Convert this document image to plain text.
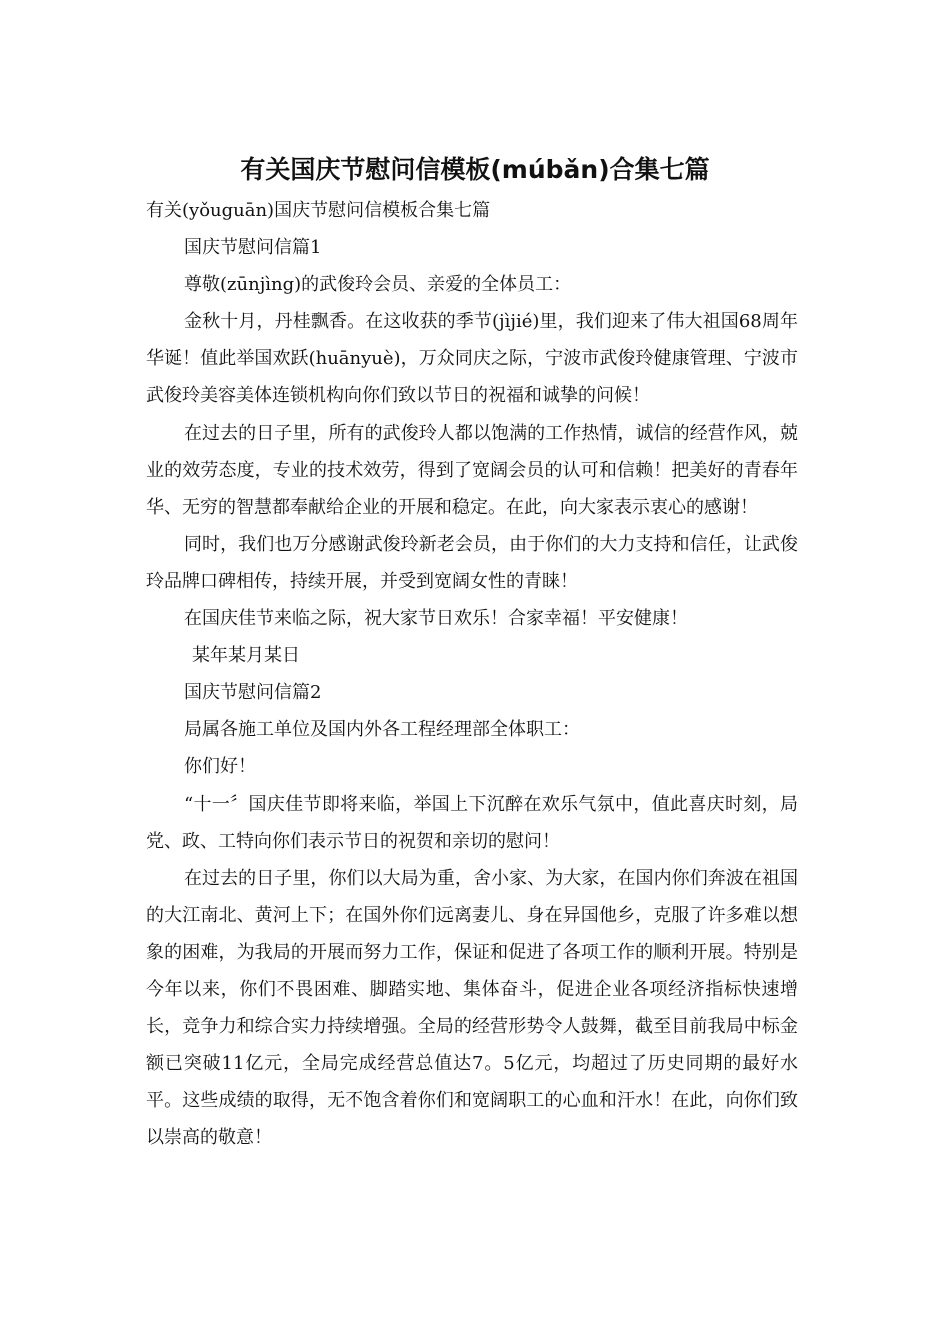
有关国庆节慰问信模板(múbǎn)合集七篇

有关(yǒuguān)国庆节慰问信模板合集七篇

国庆节慰问信篇1

尊敬(zūnjìng)的武俊玲会员、亲爱的全体员工：

金秋十月，丹桂飘香。在这收获的季节(jìjié)里，我们迎来了伟大祖国68周年华诞！值此举国欢跃(huānyuè)，万众同庆之际，宁波市武俊玲健康管理、宁波市武俊玲美容美体连锁机构向你们致以节日的祝福和诚挚的问候！

在过去的日子里，所有的武俊玲人都以饱满的工作热情，诚信的经营作风，兢业的效劳态度，专业的技术效劳，得到了宽阔会员的认可和信赖！把美好的青春年华、无穷的智慧都奉献给企业的开展和稳定。在此，向大家表示衷心的感谢！

同时，我们也万分感谢武俊玲新老会员，由于你们的大力支持和信任，让武俊玲品牌口碑相传，持续开展，并受到宽阔女性的青睐！

在国庆佳节来临之际，祝大家节日欢乐！合家幸福！平安健康！

某年某月某日

国庆节慰问信篇2

局属各施工单位及国内外各工程经理部全体职工：

你们好！

“十一〞国庆佳节即将来临，举国上下沉醉在欢乐气氛中，值此喜庆时刻，局党、政、工特向你们表示节日的祝贺和亲切的慰问！

在过去的日子里，你们以大局为重，舍小家、为大家，在国内你们奔波在祖国的大江南北、黄河上下；在国外你们远离妻儿、身在异国他乡，克服了许多难以想象的困难，为我局的开展而努力工作，保证和促进了各项工作的顺利开展。特别是今年以来，你们不畏困难、脚踏实地、集体奋斗，促进企业各项经济指标快速增长，竞争力和综合实力持续增强。全局的经营形势令人鼓舞，截至目前我局中标金额已突破11亿元，全局完成经营总值达7。5亿元，均超过了历史同期的最好水平。这些成绩的取得，无不饱含着你们和宽阔职工的心血和汗水！在此，向你们致以崇高的敬意！
